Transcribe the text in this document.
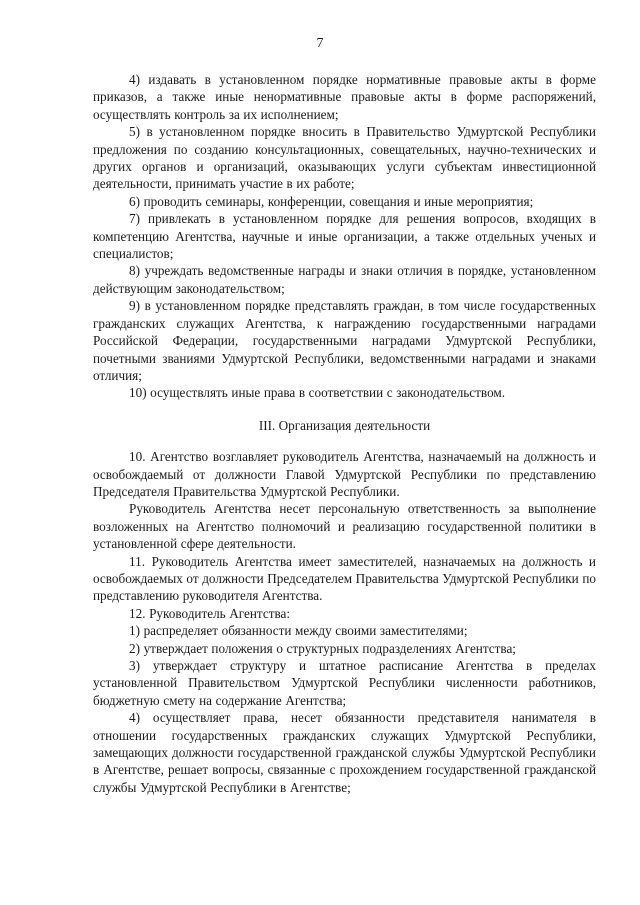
7

4) издавать в установленном порядке нормативные правовые акты в форме приказов, а также иные ненормативные правовые акты в форме распоряжений, осуществлять контроль за их исполнением;

5) в установленном порядке вносить в Правительство Удмуртской Республики предложения по созданию консультационных, совещательных, научно-технических и других органов и организаций, оказывающих услуги субъектам инвестиционной деятельности, принимать участие в их работе;

6) проводить семинары, конференции, совещания и иные мероприятия;

7) привлекать в установленном порядке для решения вопросов, входящих в компетенцию Агентства, научные и иные организации, а также отдельных ученых и специалистов;

8) учреждать ведомственные награды и знаки отличия в порядке, установленном действующим законодательством;

9) в установленном порядке представлять граждан, в том числе государственных гражданских служащих Агентства, к награждению государственными наградами Российской Федерации, государственными наградами Удмуртской Республики, почетными званиями Удмуртской Республики, ведомственными наградами и знаками отличия;

10) осуществлять иные права в соответствии с законодательством.

III. Организация деятельности

10. Агентство возглавляет руководитель Агентства, назначаемый на должность и освобождаемый от должности Главой Удмуртской Республики по представлению Председателя Правительства Удмуртской Республики.

Руководитель Агентства несет персональную ответственность за выполнение возложенных на Агентство полномочий и реализацию государственной политики в установленной сфере деятельности.

11. Руководитель Агентства имеет заместителей, назначаемых на должность и освобождаемых от должности Председателем Правительства Удмуртской Республики по представлению руководителя Агентства.

12. Руководитель Агентства:

1) распределяет обязанности между своими заместителями;

2) утверждает положения о структурных подразделениях Агентства;

3) утверждает структуру и штатное расписание Агентства в пределах установленной Правительством Удмуртской Республики численности работников, бюджетную смету на содержание Агентства;

4) осуществляет права, несет обязанности представителя нанимателя в отношении государственных гражданских служащих Удмуртской Республики, замещающих должности государственной гражданской службы Удмуртской Республики в Агентстве, решает вопросы, связанные с прохождением государственной гражданской службы Удмуртской Республики в Агентстве;
